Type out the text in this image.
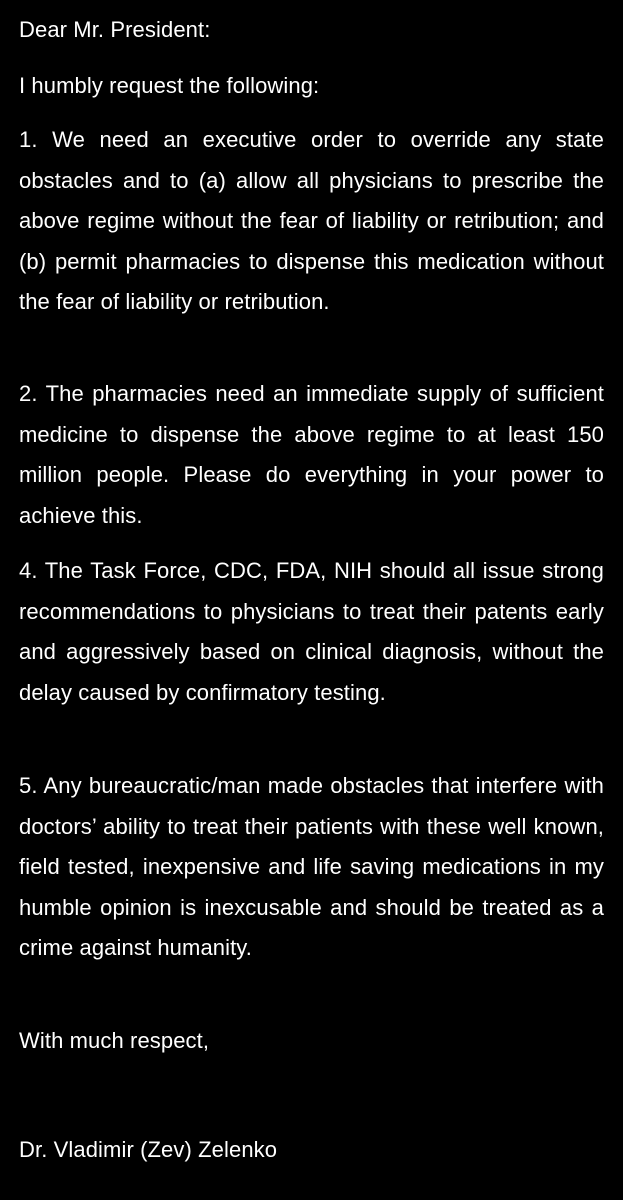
Dear Mr. President:
I humbly request the following:
1. We need an executive order to override any state obstacles and to (a) allow all physicians to prescribe the above regime without the fear of liability or retribution; and (b) permit pharmacies to dispense this medication without the fear of liability or retribution.
2. The pharmacies need an immediate supply of sufficient medicine to dispense the above regime to at least 150 million people. Please do everything in your power to achieve this.
4. The Task Force, CDC, FDA, NIH should all issue strong recommendations to physicians to treat their patents early and aggressively based on clinical diagnosis, without the delay caused by confirmatory testing.
5. Any bureaucratic/man made obstacles that interfere with doctors’ ability to treat their patients with these well known, field tested, inexpensive and life saving medications in my humble opinion is inexcusable and should be treated as a crime against humanity.
With much respect,
Dr. Vladimir (Zev) Zelenko
